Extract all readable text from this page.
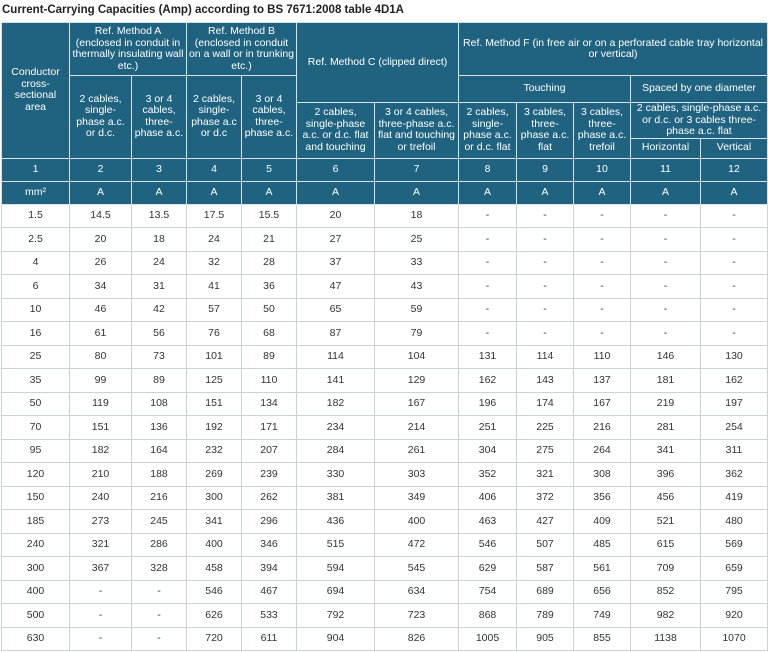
Current-Carrying Capacities (Amp) according to BS 7671:2008 table 4D1A
Conductor cross-sectional area	Ref. Method A (enclosed in conduit in thermally insulating wall etc.)		Ref. Method B (enclosed in conduit on a wall or in trunking etc.)		Ref. Method C (clipped direct)		Ref. Method F (in free air or on a perforated cable tray horizontal or vertical)				
	2 cables, single-phase a.c. or d.c.	3 or 4 cables, three-phase a.c.	2 cables, single-phase a.c or d.c	3 or 4 cables, three-phase a.c.			Touching			Spaced by one diameter	
					2 cables, single-phase a.c. or d.c. flat and touching	3 or 4 cables, three-phase a.c. flat and touching or trefoil	2 cables, single-phase a.c. or d.c. flat	3 cables, three-phase a.c. flat	3 cables, three-phase a.c. trefoil	2 cables, single-phase a.c. or d.c. or 3 cables three-phase a.c. flat	
										Horizontal	Vertical
1	2	3	4	5	6	7	8	9	10	11	12
mm²	A	A	A	A	A	A	A	A	A	A	A
1.5	14.5	13.5	17.5	15.5	20	18	-	-	-	-	-
2.5	20	18	24	21	27	25	-	-	-	-	-
4	26	24	32	28	37	33	-	-	-	-	-
6	34	31	41	36	47	43	-	-	-	-	-
10	46	42	57	50	65	59	-	-	-	-	-
16	61	56	76	68	87	79	-	-	-	-	-
25	80	73	101	89	114	104	131	114	110	146	130
35	99	89	125	110	141	129	162	143	137	181	162
50	119	108	151	134	182	167	196	174	167	219	197
70	151	136	192	171	234	214	251	225	216	281	254
95	182	164	232	207	284	261	304	275	264	341	311
120	210	188	269	239	330	303	352	321	308	396	362
150	240	216	300	262	381	349	406	372	356	456	419
185	273	245	341	296	436	400	463	427	409	521	480
240	321	286	400	346	515	472	546	507	485	615	569
300	367	328	458	394	594	545	629	587	561	709	659
400	-	-	546	467	694	634	754	689	656	852	795
500	-	-	626	533	792	723	868	789	749	982	920
630	-	-	720	611	904	826	1005	905	855	1138	1070
